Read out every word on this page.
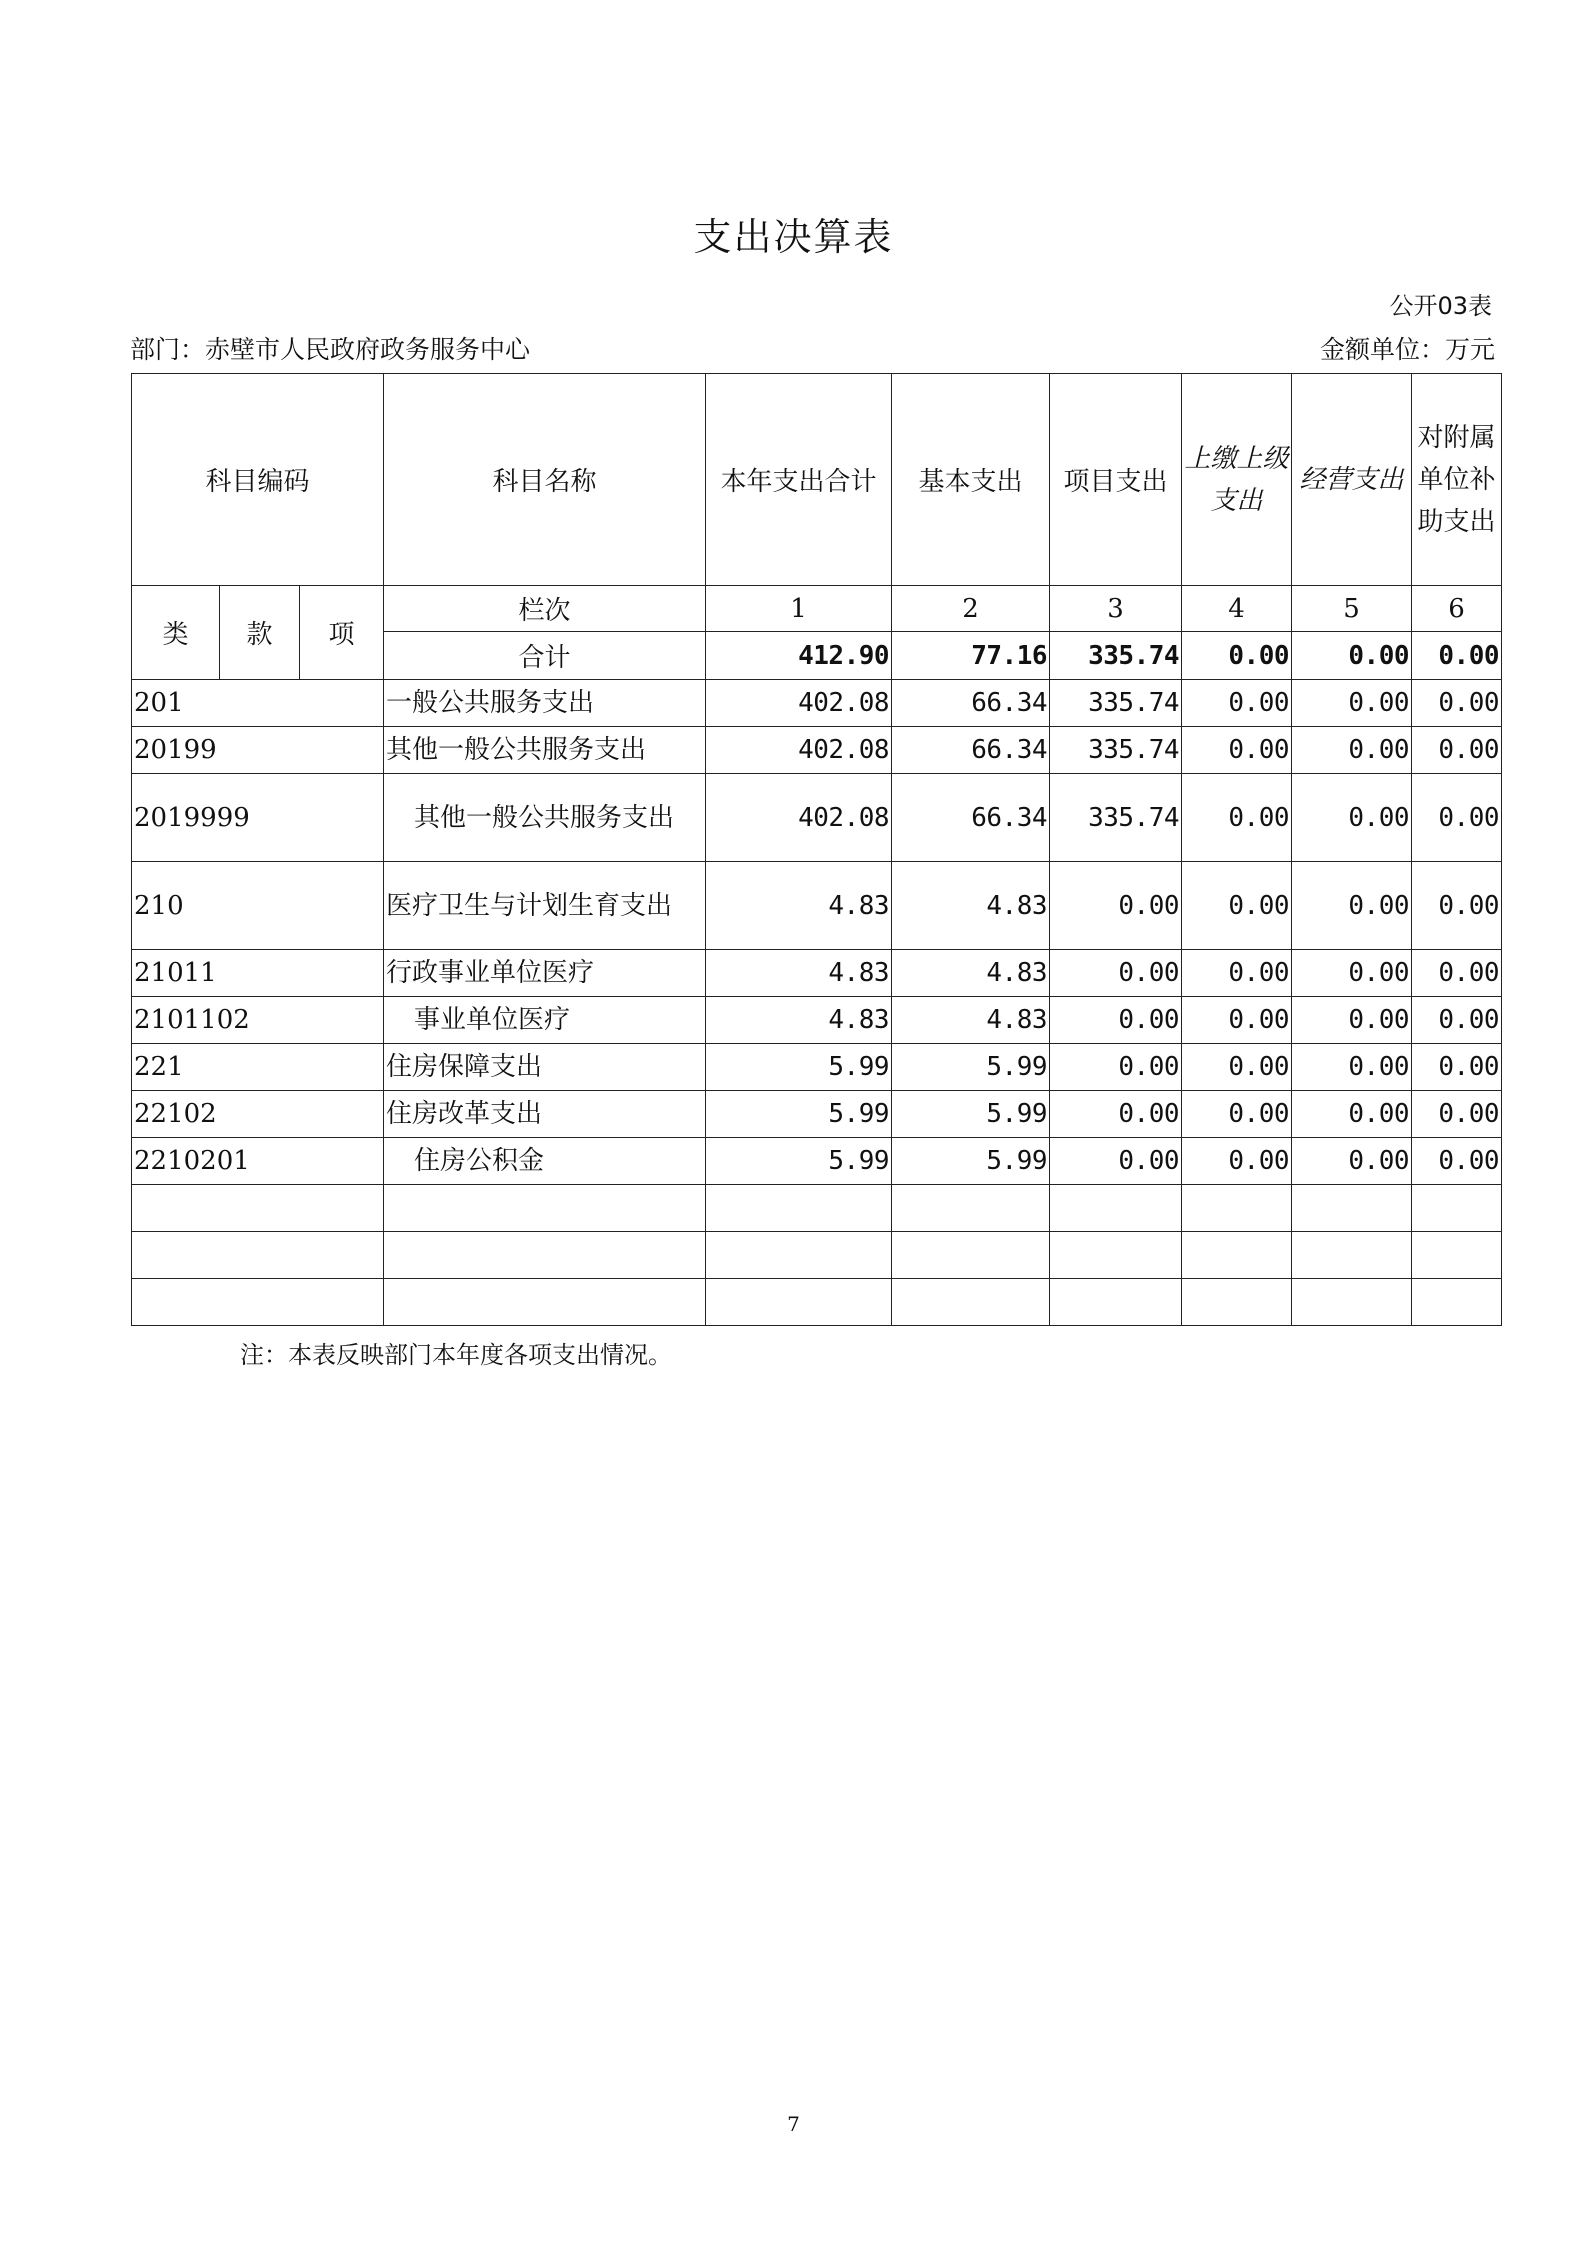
支出决算表
公开03表
部门：赤壁市人民政府政务服务中心	金额单位：万元
科目编码			科目名称	本年支出合计	基本支出	项目支出	上缴上级支出	经营支出	对附属单位补助支出
类	款	项	栏次	1	2	3	4	5	6
			合计	412.90	77.16	335.74	0.00	0.00	0.00
201			一般公共服务支出	402.08	66.34	335.74	0.00	0.00	0.00
20199			其他一般公共服务支出	402.08	66.34	335.74	0.00	0.00	0.00
2019999			其他一般公共服务支出	402.08	66.34	335.74	0.00	0.00	0.00
210			医疗卫生与计划生育支出	4.83	4.83	0.00	0.00	0.00	0.00
21011			行政事业单位医疗	4.83	4.83	0.00	0.00	0.00	0.00
2101102			事业单位医疗	4.83	4.83	0.00	0.00	0.00	0.00
221			住房保障支出	5.99	5.99	0.00	0.00	0.00	0.00
22102			住房改革支出	5.99	5.99	0.00	0.00	0.00	0.00
2210201			住房公积金	5.99	5.99	0.00	0.00	0.00	0.00

注：本表反映部门本年度各项支出情况。
7
